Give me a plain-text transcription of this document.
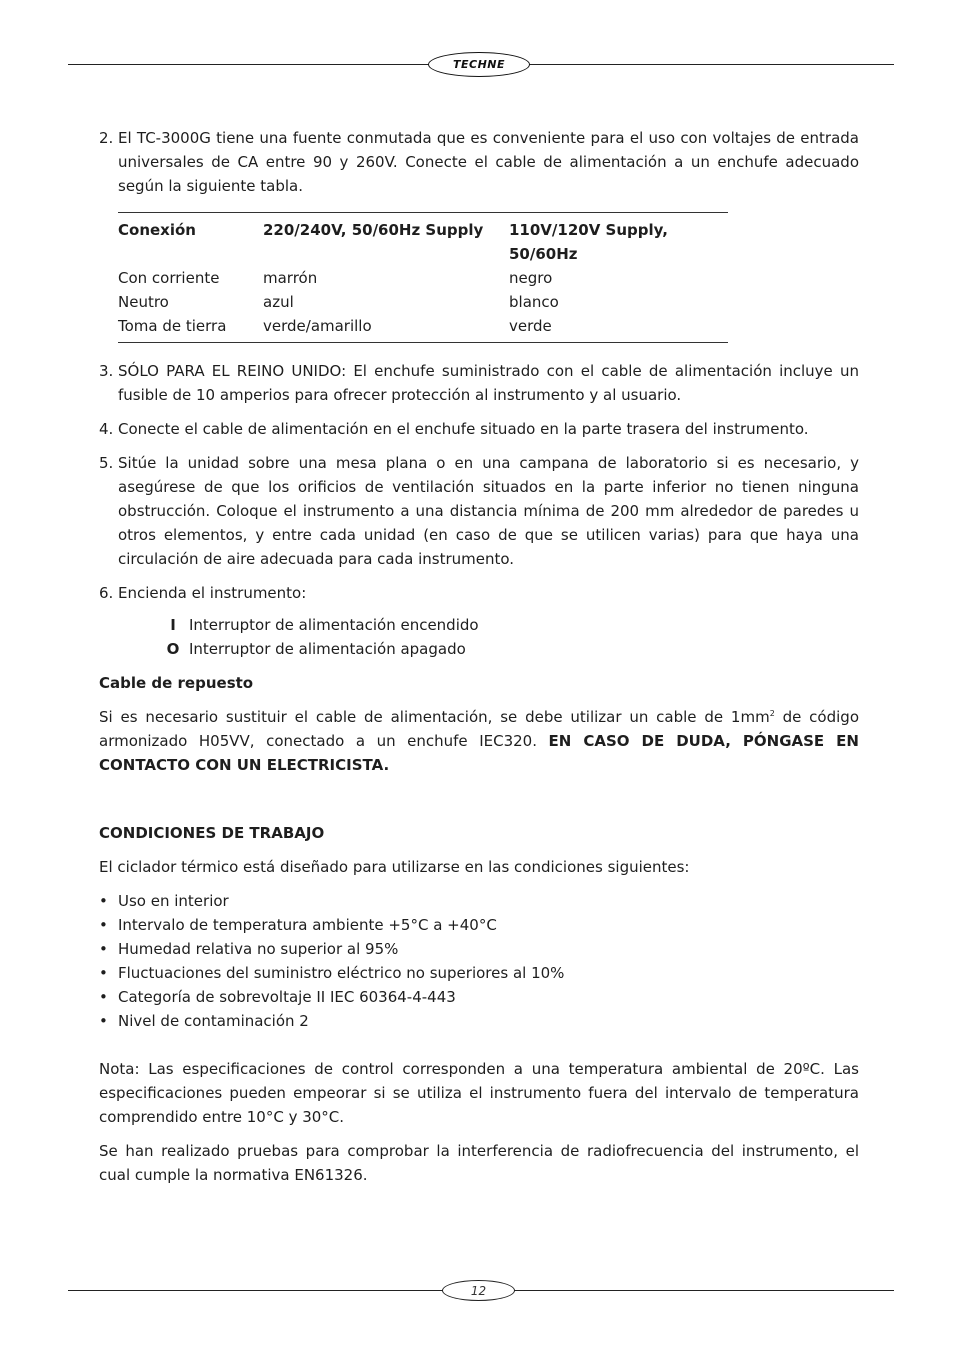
TECHNE
2. El TC-3000G tiene una fuente conmutada que es conveniente para el uso con voltajes de entrada universales de CA entre 90 y 260V. Conecte el cable de alimentación a un enchufe adecuado según la siguiente tabla.
Conexión	220/240V, 50/60Hz Supply	110V/120V Supply, 50/60Hz
Con corriente	marrón	negro
Neutro	azul	blanco
Toma de tierra	verde/amarillo	verde
3. SÓLO PARA EL REINO UNIDO: El enchufe suministrado con el cable de alimentación incluye un fusible de 10 amperios para ofrecer protección al instrumento y al usuario.
4. Conecte el cable de alimentación en el enchufe situado en la parte trasera del instrumento.
5. Sitúe la unidad sobre una mesa plana o en una campana de laboratorio si es necesario, y asegúrese de que los orificios de ventilación situados en la parte inferior no tienen ninguna obstrucción. Coloque el instrumento a una distancia mínima de 200 mm alrededor de paredes u otros elementos, y entre cada unidad (en caso de que se utilicen varias) para que haya una circulación de aire adecuada para cada instrumento.
6. Encienda el instrumento:
I Interruptor de alimentación encendido
O Interruptor de alimentación apagado
Cable de repuesto
Si es necesario sustituir el cable de alimentación, se debe utilizar un cable de $1mm^2$ de código armonizado H05VV, conectado a un enchufe IEC320. EN CASO DE DUDA, PÓNGASE EN CONTACTO CON UN ELECTRICISTA.
CONDICIONES DE TRABAJO
El ciclador térmico está diseñado para utilizarse en las condiciones siguientes:
• Uso en interior
• Intervalo de temperatura ambiente +5°C a +40°C
• Humedad relativa no superior al 95%
• Fluctuaciones del suministro eléctrico no superiores al 10%
• Categoría de sobrevoltaje II IEC 60364-4-443
• Nivel de contaminación 2
Nota: Las especificaciones de control corresponden a una temperatura ambiental de 20ºC. Las especificaciones pueden empeorar si se utiliza el instrumento fuera del intervalo de temperatura comprendido entre 10°C y 30°C.
Se han realizado pruebas para comprobar la interferencia de radiofrecuencia del instrumento, el cual cumple la normativa EN61326.
12
